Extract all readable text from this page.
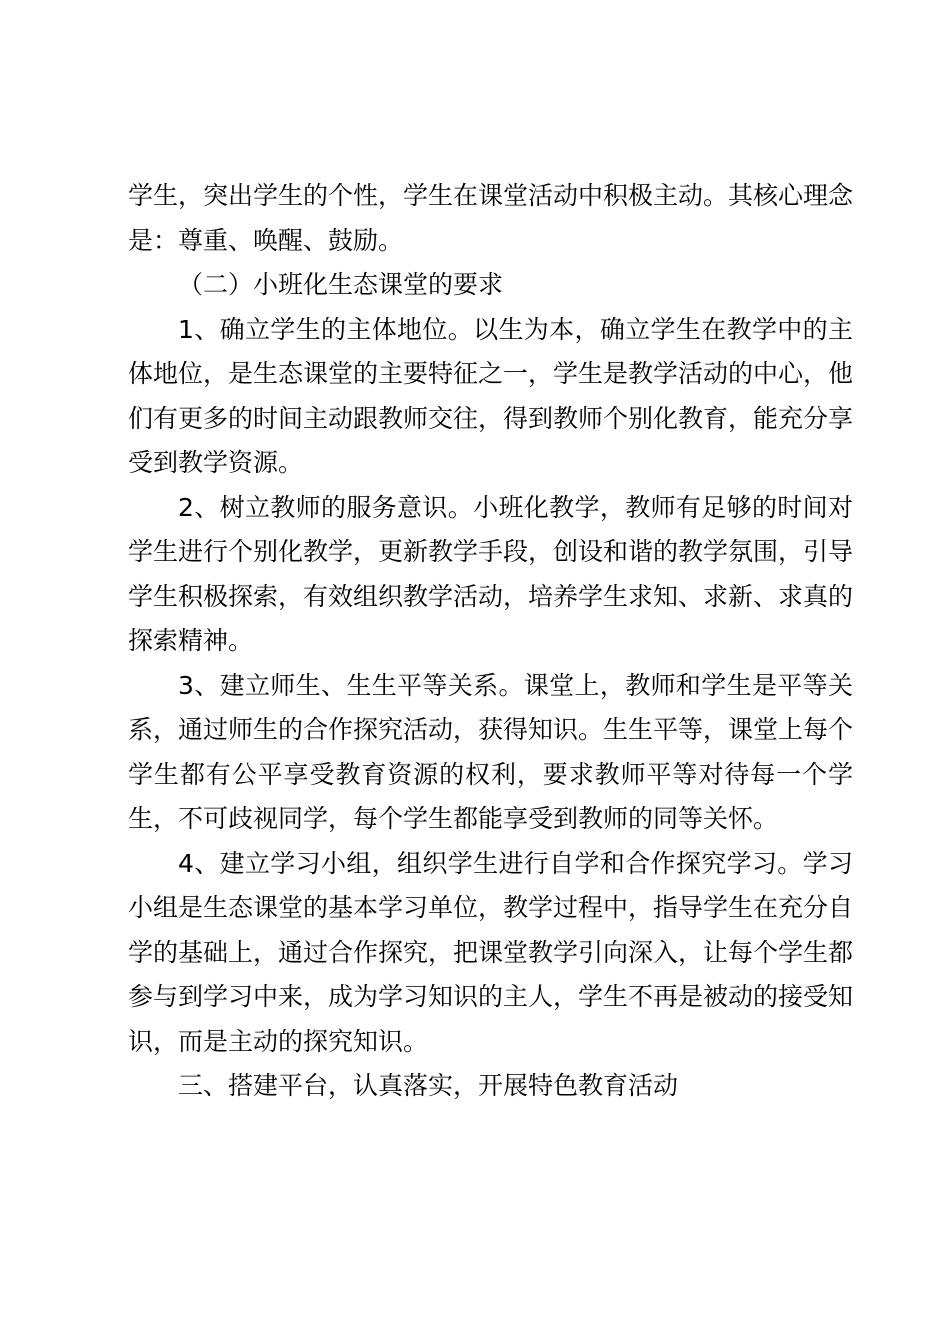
学生，突出学生的个性，学生在课堂活动中积极主动。其核心理念是：尊重、唤醒、鼓励。

（二）小班化生态课堂的要求

1、确立学生的主体地位。以生为本，确立学生在教学中的主体地位，是生态课堂的主要特征之一，学生是教学活动的中心，他们有更多的时间主动跟教师交往，得到教师个别化教育，能充分享受到教学资源。

2、树立教师的服务意识。小班化教学，教师有足够的时间对学生进行个别化教学，更新教学手段，创设和谐的教学氛围，引导学生积极探索，有效组织教学活动，培养学生求知、求新、求真的探索精神。

3、建立师生、生生平等关系。课堂上，教师和学生是平等关系，通过师生的合作探究活动，获得知识。生生平等，课堂上每个学生都有公平享受教育资源的权利，要求教师平等对待每一个学生，不可歧视同学，每个学生都能享受到教师的同等关怀。

4、建立学习小组，组织学生进行自学和合作探究学习。学习小组是生态课堂的基本学习单位，教学过程中，指导学生在充分自学的基础上，通过合作探究，把课堂教学引向深入，让每个学生都参与到学习中来，成为学习知识的主人，学生不再是被动的接受知识，而是主动的探究知识。

三、搭建平台，认真落实，开展特色教育活动
